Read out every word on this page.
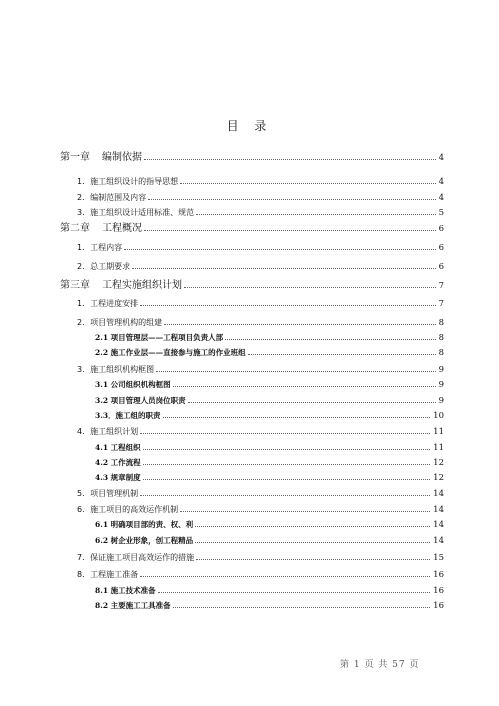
目 录
第一章 编制依据	4
1．施工组织设计的指导思想	4
2．编制范围及内容	4
3．施工组织设计适用标准、规范	5
第二章 工程概况	6
1．工程内容	6
2．总工期要求	6
第三章 工程实施组织计划	7
1．工程进度安排	7
2．项目管理机构的组建	8
2.1 项目管理层——工程项目负责人部	8
2.2 施工作业层——直接参与施工的作业班组	8
3．施工组织机构框图	9
3.1 公司组织机构框图	9
3.2 项目管理人员岗位职责	9
3.3．施工组的职责	10
4．施工组织计划	11
4.1 工程组织	11
4.2 工作流程	12
4.3 规章制度	12
5．项目管理机制	14
6．施工项目的高效运作机制	14
6.1 明确项目部的责、权、利	14
6.2 树企业形象，创工程精品	14
7．保证施工项目高效运作的措施	15
8．工程施工准备	16
8.1 施工技术准备	16
8.2 主要施工工具准备	16
第 1 页 共 57 页
